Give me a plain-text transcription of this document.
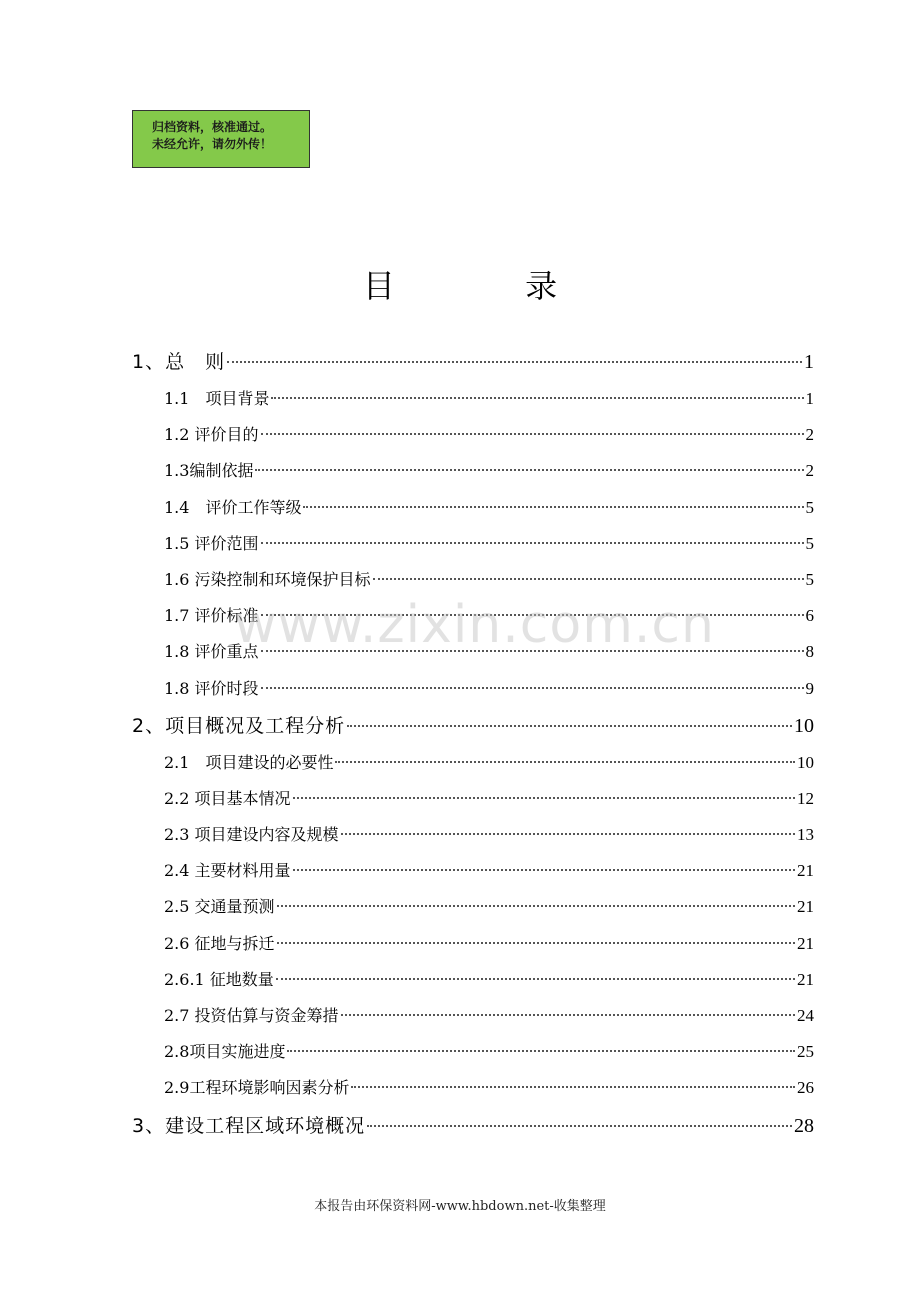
归档资料，核准通过。
未经允许，请勿外传！
目 录
1、总　则	1
1.1　项目背景	1
1.2 评价目的	2
1.3编制依据	2
1.4　评价工作等级	5
1.5 评价范围	5
1.6 污染控制和环境保护目标	5
1.7 评价标准	6
1.8 评价重点	8
1.8 评价时段	9
2、项目概况及工程分析	10
2.1　项目建设的必要性	10
2.2 项目基本情况	12
2.3 项目建设内容及规模	13
2.4 主要材料用量	21
2.5 交通量预测	21
2.6 征地与拆迁	21
2.6.1 征地数量	21
2.7 投资估算与资金筹措	24
2.8项目实施进度	25
2.9工程环境影响因素分析	26
3、建设工程区域环境概况	28
www.zixin.com.cn
本报告由环保资料网-www.hbdown.net-收集整理
